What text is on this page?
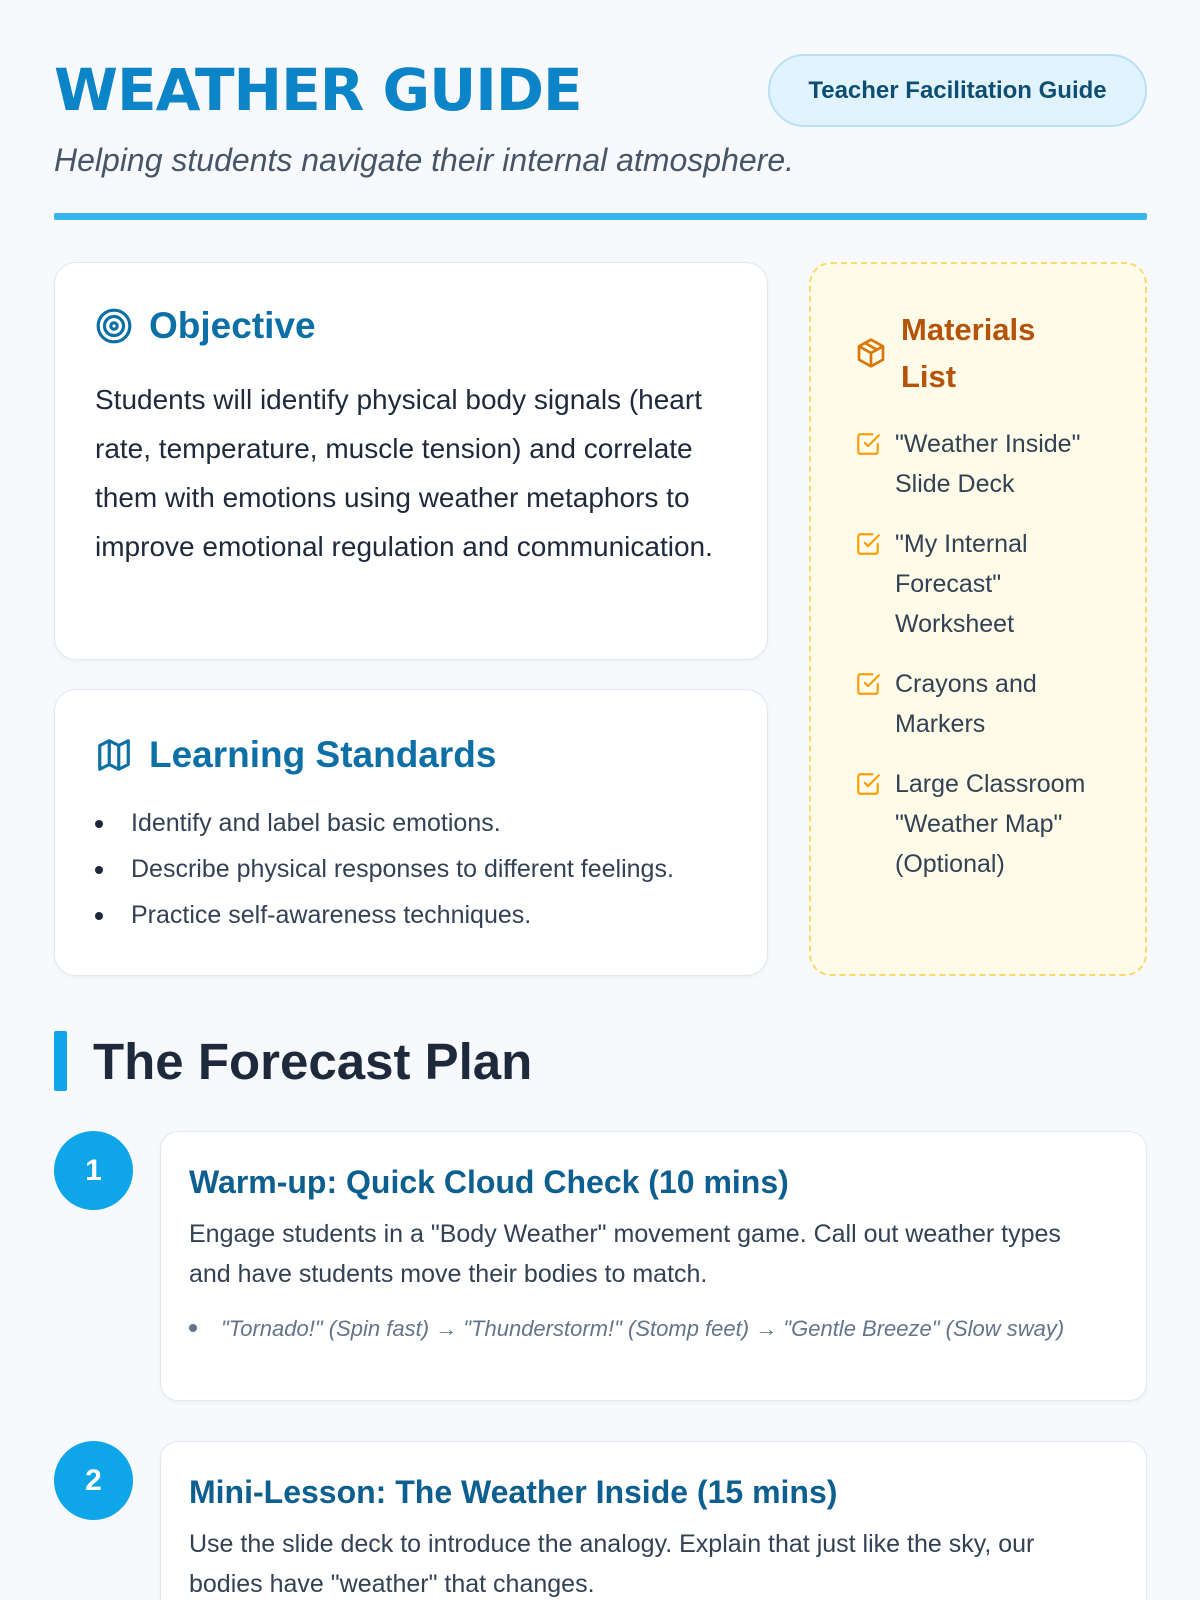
WEATHER GUIDE	Teacher Facilitation Guide
Helping students navigate their internal atmosphere.
Objective
Students will identify physical body signals (heart rate, temperature, muscle tension) and correlate them with emotions using weather metaphors to improve emotional regulation and communication.
Learning Standards
Identify and label basic emotions.
Describe physical responses to different feelings.
Practice self-awareness techniques.
Materials List
"Weather Inside" Slide Deck
"My Internal Forecast" Worksheet
Crayons and Markers
Large Classroom "Weather Map" (Optional)
The Forecast Plan
1	Warm-up: Quick Cloud Check (10 mins)

Engage students in a "Body Weather" movement game. Call out weather types and have students move their bodies to match.

"Tornado!" (Spin fast) → "Thunderstorm!" (Stomp feet) → "Gentle Breeze" (Slow sway)
2	Mini-Lesson: The Weather Inside (15 mins)

Use the slide deck to introduce the analogy. Explain that just like the sky, our bodies have "weather" that changes.
